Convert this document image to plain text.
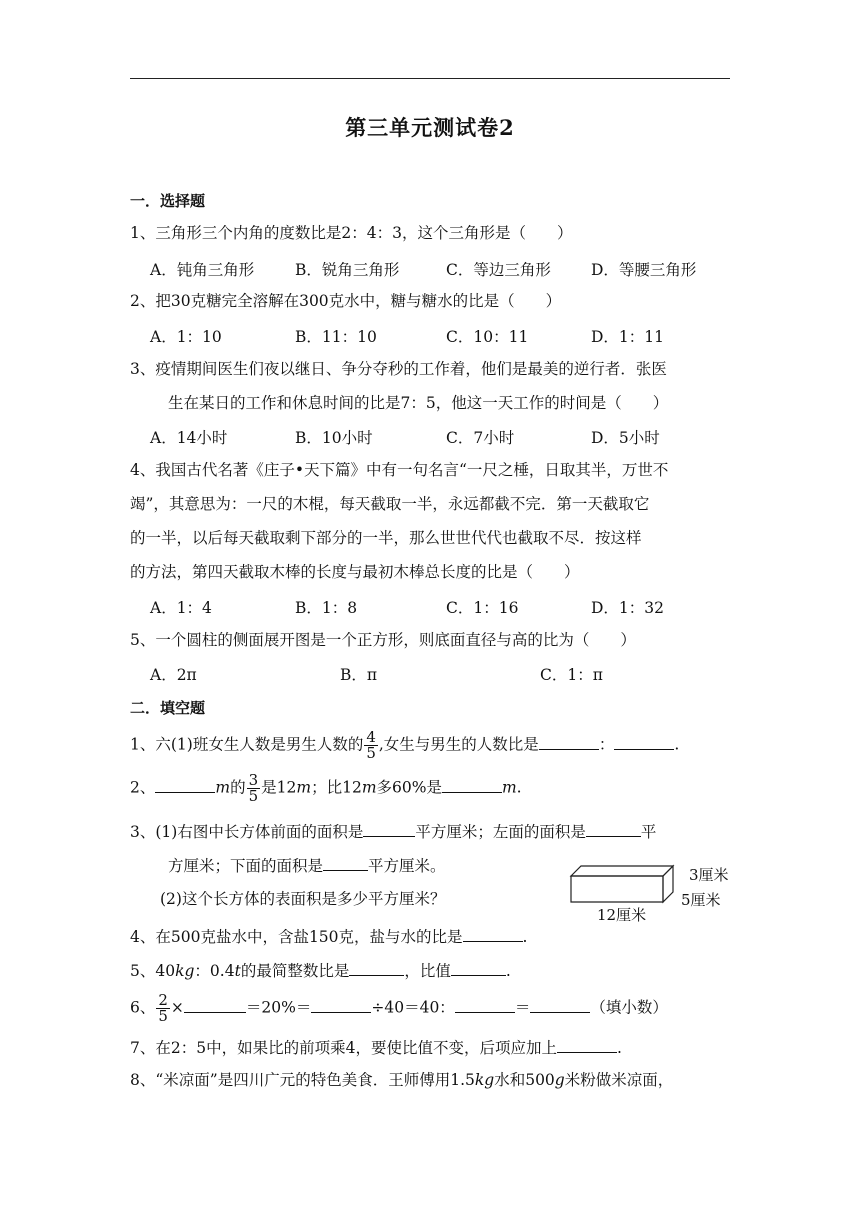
第三单元测试卷2
一．选择题
1、三角形三个内角的度数比是2：4：3，这个三角形是（　　）
A．钝角三角形	B．锐角三角形	C．等边三角形	D．等腰三角形
2、把30克糖完全溶解在300克水中，糖与糖水的比是（　　）
A．1：10	B．11：10	C．10：11	D．1：11
3、疫情期间医生们夜以继日、争分夺秒的工作着，他们是最美的逆行者．张医
生在某日的工作和休息时间的比是7：5，他这一天工作的时间是（　　）
A．14小时	B．10小时	C．7小时	D．5小时
4、我国古代名著《庄子•天下篇》中有一句名言“一尺之棰，日取其半，万世不
竭”，其意思为：一尺的木棍，每天截取一半，永远都截不完．第一天截取它
的一半，以后每天截取剩下部分的一半，那么世世代代也截取不尽．按这样
的方法，第四天截取木棒的长度与最初木棒总长度的比是（　　）
A．1：4	B．1：8	C．1：16	D．1：32
5、一个圆柱的侧面展开图是一个正方形，则底面直径与高的比为（　　）
A．2π	B．π	C．1：π
二．填空题
1、六(1)班女生人数是男生人数的 $\frac{4}{5}$ ,女生与男生的人数比是	：	.
2、	m的 $\frac{3}{5}$ 是12m；比12m多60%是	m.
3、(1)右图中长方体前面的面积是	平方厘米；左面的面积是	平
方厘米；下面的面积是	平方厘米。
(2)这个长方体的表面积是多少平方厘米？
3厘米
5厘米
12厘米
4、在500克盐水中，含盐150克，盐与水的比是	.
5、40kg：0.4t的最简整数比是	，比值	.
6、 $\frac{2}{5}$ ×	＝20%＝	÷40＝40：	＝	（填小数）
7、在2：5中，如果比的前项乘4，要使比值不变，后项应加上	.
8、“米凉面”是四川广元的特色美食．王师傅用1.5kg水和500g米粉做米凉面，
